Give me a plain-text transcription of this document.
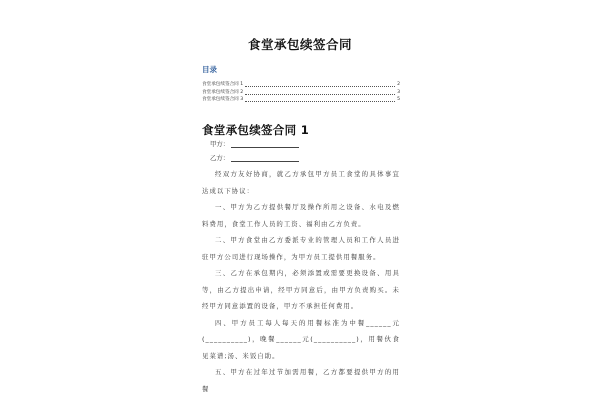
食堂承包续签合同
目录
食堂承包续签合同 1	2
食堂承包续签合同 2	3
食堂承包续签合同 3	5
食堂承包续签合同 1
甲方：
乙方：

经双方友好协商，就乙方承包甲方员工食堂的具体事宜达成以下协议：

一、甲方为乙方提供餐厅及操作所用之设备、水电及燃料费用，食堂工作人员的工资、福利由乙方负责。

二、甲方食堂由乙方委派专业的管理人员和工作人员进驻甲方公司进行现场操作，为甲方员工提供用餐服务。

三、乙方在承包期内，必须添置或需要更换设备、用具等，由乙方提出申请，经甲方同意后，由甲方负责购买。未经甲方同意添置的设备，甲方不承担任何费用。

四、甲方员工每人每天的用餐标准为中餐______元(__________)，晚餐______元(__________)，用餐伙食见菜谱;汤、米饭自助。

五、甲方在过年过节加需用餐，乙方都要提供甲方的用餐
